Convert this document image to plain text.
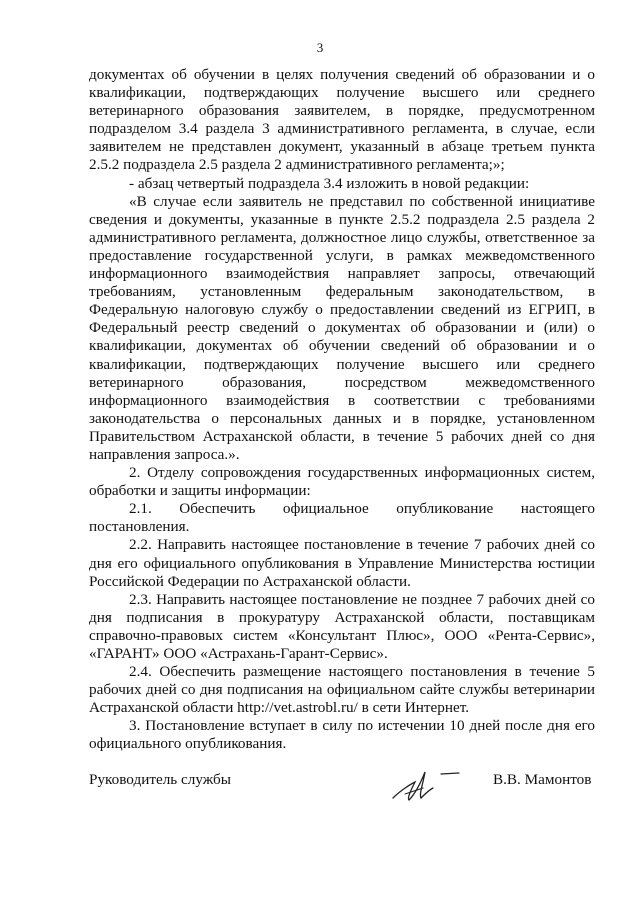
3

документах об обучении в целях получения сведений об образовании и о квалификации, подтверждающих получение высшего или среднего ветеринарного образования заявителем, в порядке, предусмотренном подразделом 3.4 раздела 3 административного регламента, в случае, если заявителем не представлен документ, указанный в абзаце третьем пункта 2.5.2 подраздела 2.5 раздела 2 административного регламента;»;

- абзац четвертый подраздела 3.4 изложить в новой редакции:

«В случае если заявитель не представил по собственной инициативе сведения и документы, указанные в пункте 2.5.2 подраздела 2.5 раздела 2 административного регламента, должностное лицо службы, ответственное за предоставление государственной услуги, в рамках межведомственного информационного взаимодействия направляет запросы, отвечающий требованиям, установленным федеральным законодательством, в Федеральную налоговую службу о предоставлении сведений из ЕГРИП, в Федеральный реестр сведений о документах об образовании и (или) о квалификации, документах об обучении сведений об образовании и о квалификации, подтверждающих получение высшего или среднего ветеринарного образования, посредством межведомственного информационного взаимодействия в соответствии с требованиями законодательства о персональных данных и в порядке, установленном Правительством Астраханской области, в течение 5 рабочих дней со дня направления запроса.».

2. Отделу сопровождения государственных информационных систем, обработки и защиты информации:

2.1. Обеспечить официальное опубликование настоящего постановления.

2.2. Направить настоящее постановление в течение 7 рабочих дней со дня его официального опубликования в Управление Министерства юстиции Российской Федерации по Астраханской области.

2.3. Направить настоящее постановление не позднее 7 рабочих дней со дня подписания в прокуратуру Астраханской области, поставщикам справочно-правовых систем «Консультант Плюс», ООО «Рента-Сервис», «ГАРАНТ» ООО «Астрахань-Гарант-Сервис».

2.4. Обеспечить размещение настоящего постановления в течение 5 рабочих дней со дня подписания на официальном сайте службы ветеринарии Астраханской области http://vet.astrobl.ru/ в сети Интернет.

3. Постановление вступает в силу по истечении 10 дней после дня его официального опубликования.

Руководитель службы	В.В. Мамонтов
